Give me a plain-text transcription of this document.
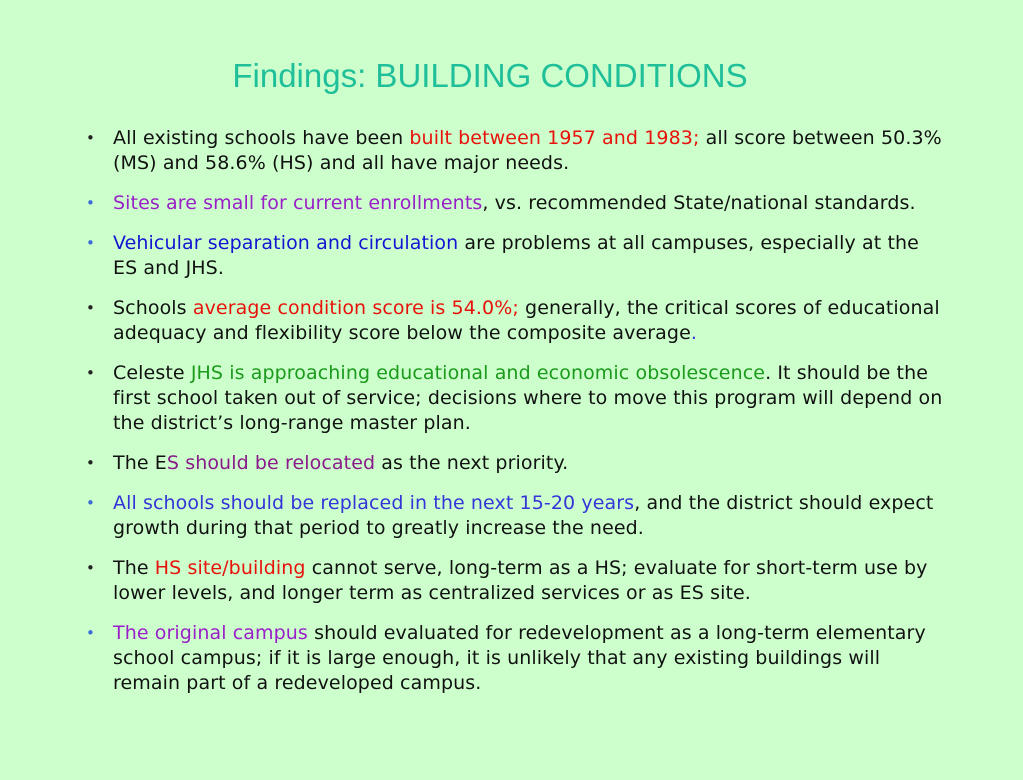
Findings: BUILDING CONDITIONS
• All existing schools have been built between 1957 and 1983; all score between 50.3% (MS) and 58.6% (HS) and all have major needs.
• Sites are small for current enrollments, vs. recommended State/national standards.
• Vehicular separation and circulation are problems at all campuses, especially at the ES and JHS.
• Schools average condition score is 54.0%; generally, the critical scores of educational adequacy and flexibility score below the composite average.
• Celeste JHS is approaching educational and economic obsolescence. It should be the first school taken out of service; decisions where to move this program will depend on the district’s long-range master plan.
• The ES should be relocated as the next priority.
• All schools should be replaced in the next 15-20 years, and the district should expect growth during that period to greatly increase the need.
• The HS site/building cannot serve, long-term as a HS; evaluate for short-term use by lower levels, and longer term as centralized services or as ES site.
• The original campus should evaluated for redevelopment as a long-term elementary school campus; if it is large enough, it is unlikely that any existing buildings will remain part of a redeveloped campus.
